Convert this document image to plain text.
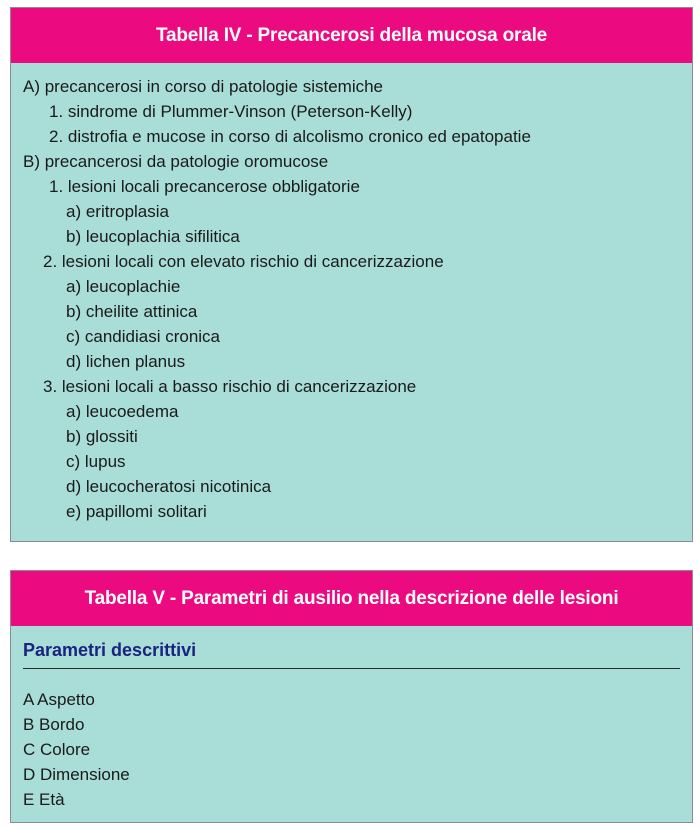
Tabella IV - Precancerosi della mucosa orale
A) precancerosi in corso di patologie sistemiche
1. sindrome di Plummer-Vinson (Peterson-Kelly)
2. distrofia e mucose in corso di alcolismo cronico ed epatopatie
B) precancerosi da patologie oromucose
1. lesioni locali precancerose obbligatorie
a) eritroplasia
b) leucoplachia sifilitica
2. lesioni locali con elevato rischio di cancerizzazione
a) leucoplachie
b) cheilite attinica
c) candidiasi cronica
d) lichen planus
3. lesioni locali a basso rischio di cancerizzazione
a) leucoedema
b) glossiti
c) lupus
d) leucocheratosi nicotinica
e) papillomi solitari
Tabella V - Parametri di ausilio nella descrizione delle lesioni
Parametri descrittivi
A Aspetto
B Bordo
C Colore
D Dimensione
E Età
